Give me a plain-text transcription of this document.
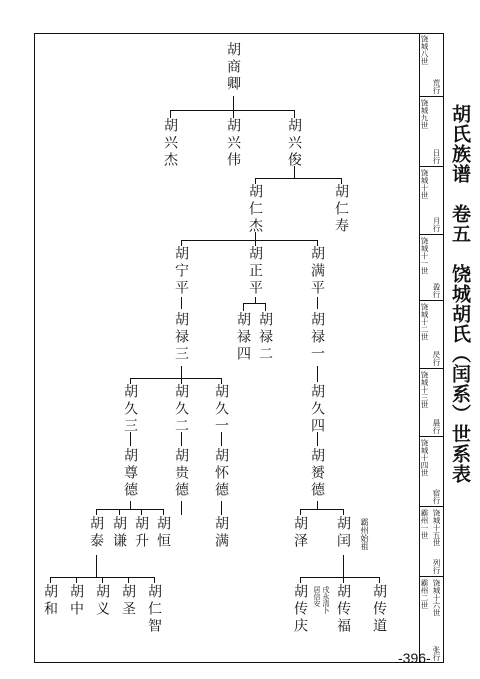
胡商卿
胡兴杰	胡兴伟	胡兴俊
胡仁杰	胡仁寿
胡宁平	胡正平	胡满平
胡禄三	胡禄四 胡禄二	胡禄一
胡久三	胡久二 胡久一	胡久四
胡尊德	胡贵德 胡怀德	胡赟德
胡泰 胡谦 胡升 胡恒	胡满	胡泽 胡闰 霸州始祖
胡和 胡中 胡义 胡圣 胡仁智	胡传庆 戌永清卜
居信安 胡传福 胡传道
饶城八世
荒行
饶城九世
日行
饶城十世
月行
饶城十一世
盈行
饶城十二世
昃行
饶城十三世
晨行
饶城十四世
宿行
饶城十五世
霸州一世
列行
饶城十六世
霸州二世
张行
胡氏族谱　卷五　饶城胡氏（闰系）世系表
-396-
